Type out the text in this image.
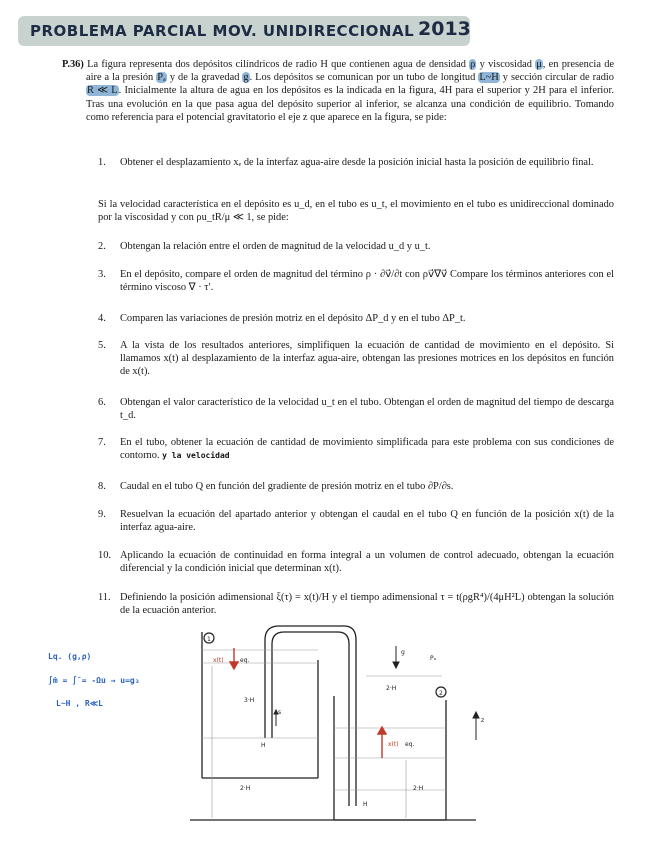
PROBLEMA PARCIAL MOV. UNIDIRECCIONAL 2013
P.36) La figura representa dos depósitos cilíndricos de radio H que contienen agua de densidad ρ y viscosidad μ, en presencia de aire a la presión Pₐ y de la gravedad g. Los depósitos se comunican por un tubo de longitud L~H y sección circular de radio R ≪ L. Inicialmente la altura de agua en los depósitos es la indicada en la figura, 4H para el superior y 2H para el inferior. Tras una evolución en la que pasa agua del depósito superior al inferior, se alcanza una condición de equilibrio. Tomando como referencia para el potencial gravitatorio el eje z que aparece en la figura, se pide:
1. Obtener el desplazamiento xₑ de la interfaz agua-aire desde la posición inicial hasta la posición de equilibrio final.
Si la velocidad característica en el depósito es u_d, en el tubo es u_t, el movimiento en el tubo es unidireccional dominado por la viscosidad y con ρu_tR/μ ≪ 1, se pide:
2. Obtengan la relación entre el orden de magnitud de la velocidad u_d y u_t.
3. En el depósito, compare el orden de magnitud del término ρ · ∂v⃗/∂t con ρv⃗∇v⃗ Compare los términos anteriores con el término viscoso ∇ · τ′.
4. Comparen las variaciones de presión motriz en el depósito ΔP_d y en el tubo ΔP_t.
5. A la vista de los resultados anteriores, simplifiquen la ecuación de cantidad de movimiento en el depósito. Si llamamos x(t) al desplazamiento de la interfaz agua-aire, obtengan las presiones motrices en los depósitos en función de x(t).
6. Obtengan el valor característico de la velocidad u_t en el tubo. Obtengan el orden de magnitud del tiempo de descarga t_d.
7. En el tubo, obtener la ecuación de cantidad de movimiento simplificada para este problema con sus condiciones de contorno. y la velocidad
8. Caudal en el tubo Q en función del gradiente de presión motriz en el tubo ∂P/∂s.
9. Resuelvan la ecuación del apartado anterior y obtengan el caudal en el tubo Q en función de la posición x(t) de la interfaz agua-aire.
10. Aplicando la ecuación de continuidad en forma integral a un volumen de control adecuado, obtengan la ecuación diferencial y la condición inicial que determinan x(t).
11. Definiendo la posición adimensional ξ(τ) = x(t)/H y el tiempo adimensional τ = t(ρgR⁴)/(4μH²L) obtengan la solución de la ecuación anterior.
Lq. (g,ρ)
∫ṁ = ∫̄ = -Ωu → u=g₃
L~H , R≪L
1
2
x(t)	eq.
3·H
H
2·H
s
g
Pₐ
2·H
x(t) eq.
2·H
H
z
